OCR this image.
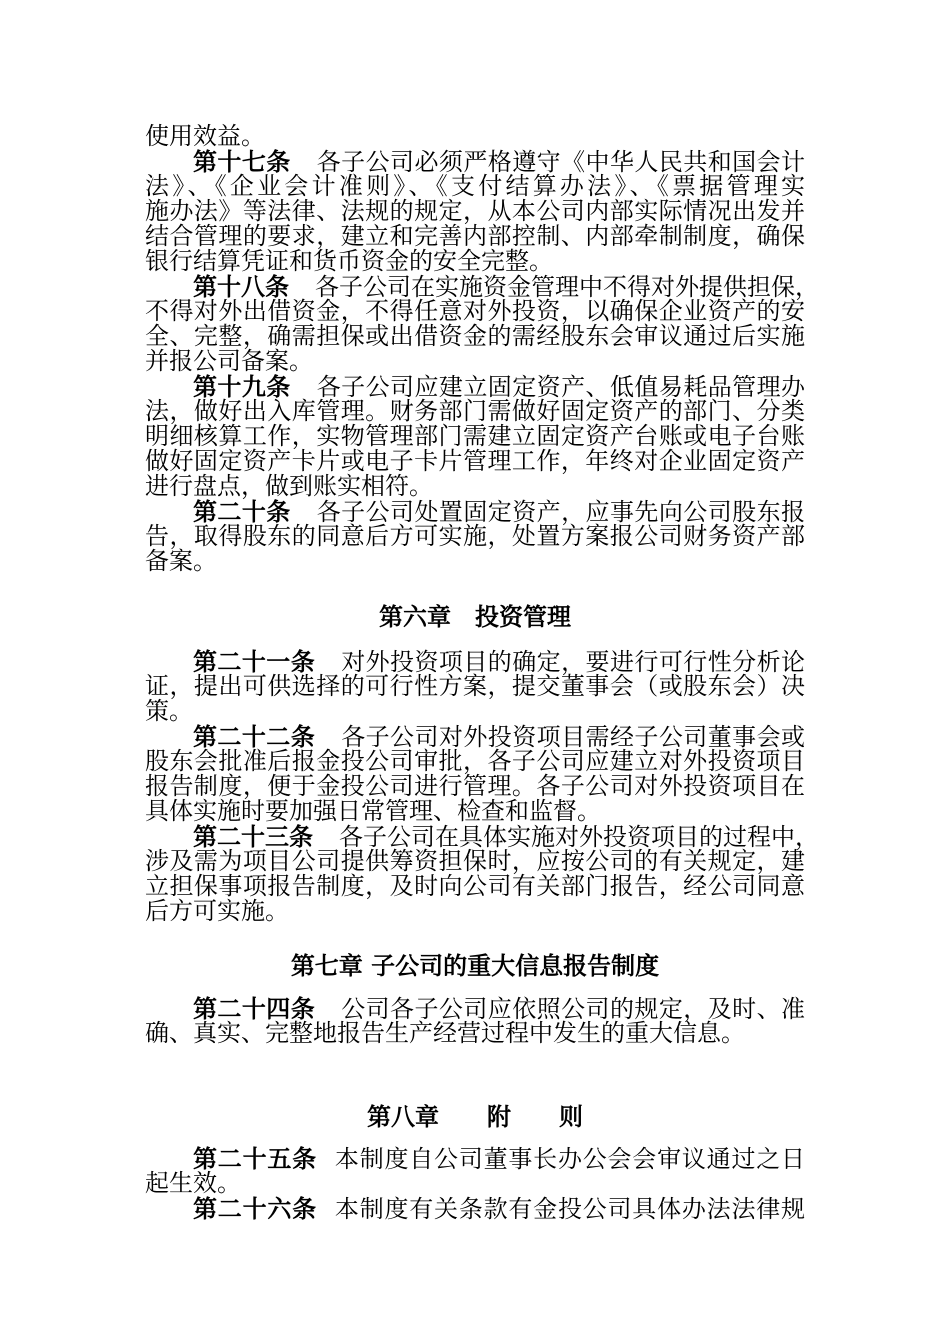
使用效益。
第十七条 各子公司必须严格遵守《中华人民共和国会计
法》、《企业会计准则》、《支付结算办法》、《票据管理实
施办法》等法律、法规的规定，从本公司内部实际情况出发并
结合管理的要求，建立和完善内部控制、内部牵制制度，确保
银行结算凭证和货币资金的安全完整。
第十八条 各子公司在实施资金管理中不得对外提供担保，
不得对外出借资金，不得任意对外投资，以确保企业资产的安
全、完整，确需担保或出借资金的需经股东会审议通过后实施
并报公司备案。
第十九条 各子公司应建立固定资产、低值易耗品管理办
法，做好出入库管理。财务部门需做好固定资产的部门、分类
明细核算工作，实物管理部门需建立固定资产台账或电子台账
做好固定资产卡片或电子卡片管理工作，年终对企业固定资产
进行盘点，做到账实相符。
第二十条 各子公司处置固定资产，应事先向公司股东报
告，取得股东的同意后方可实施，处置方案报公司财务资产部
备案。
第六章　投资管理
第二十一条 对外投资项目的确定，要进行可行性分析论
证，提出可供选择的可行性方案，提交董事会（或股东会）决
策。
第二十二条 各子公司对外投资项目需经子公司董事会或
股东会批准后报金投公司审批，各子公司应建立对外投资项目
报告制度，便于金投公司进行管理。各子公司对外投资项目在
具体实施时要加强日常管理、检查和监督。
第二十三条 各子公司在具体实施对外投资项目的过程中，
涉及需为项目公司提供筹资担保时，应按公司的有关规定，建
立担保事项报告制度，及时向公司有关部门报告，经公司同意
后方可实施。
第七章 子公司的重大信息报告制度
第二十四条 公司各子公司应依照公司的规定，及时、准
确、真实、完整地报告生产经营过程中发生的重大信息。
第八章　　附　　则
第二十五条 本制度自公司董事长办公会会审议通过之日
起生效。
第二十六条 本制度有关条款有金投公司具体办法法律规
